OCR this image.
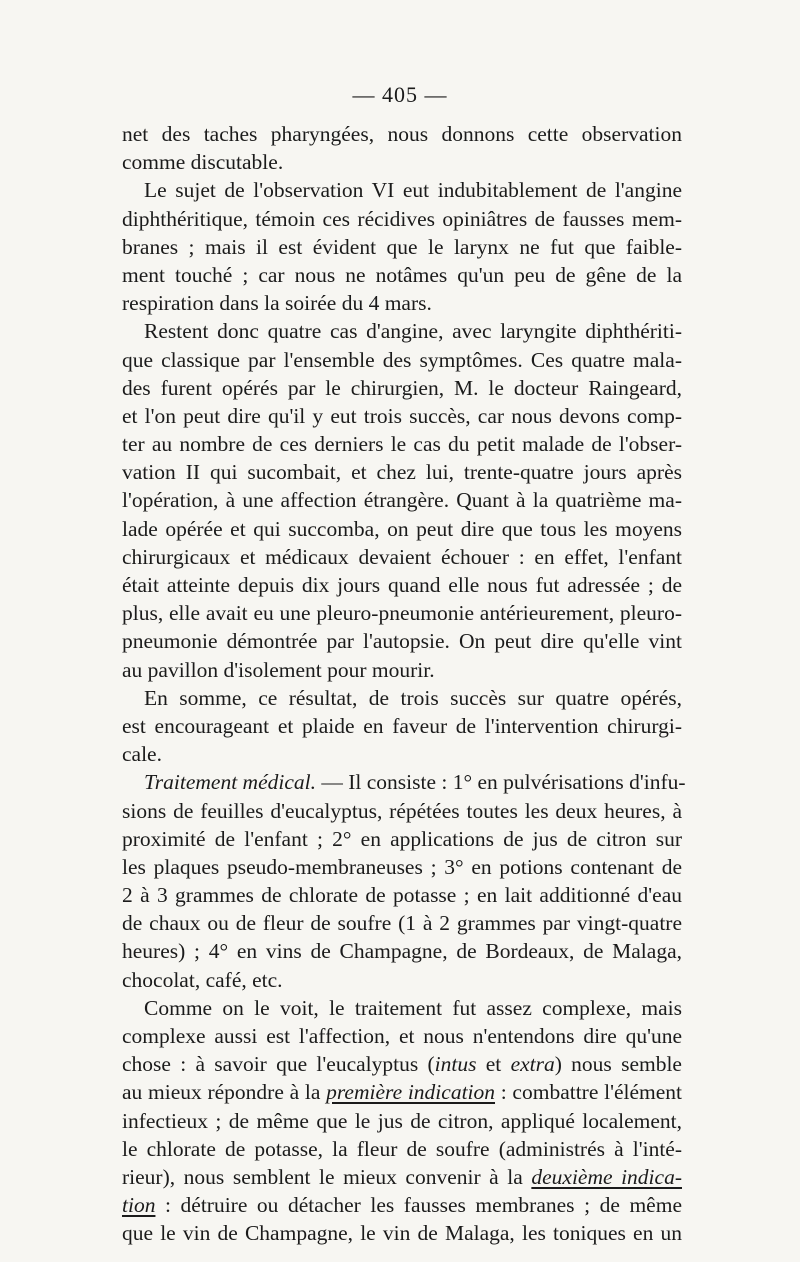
— 405 —
net des taches pharyngées, nous donnons cette observation
comme discutable.
Le sujet de l'observation VI eut indubitablement de l'angine
diphthéritique, témoin ces récidives opiniâtres de fausses mem-
branes ; mais il est évident que le larynx ne fut que faible-
ment touché ; car nous ne notâmes qu'un peu de gêne de la
respiration dans la soirée du 4 mars.
Restent donc quatre cas d'angine, avec laryngite diphthériti-
que classique par l'ensemble des symptômes. Ces quatre mala-
des furent opérés par le chirurgien, M. le docteur Raingeard,
et l'on peut dire qu'il y eut trois succès, car nous devons comp-
ter au nombre de ces derniers le cas du petit malade de l'obser-
vation II qui sucombait, et chez lui, trente-quatre jours après
l'opération, à une affection étrangère. Quant à la quatrième ma-
lade opérée et qui succomba, on peut dire que tous les moyens
chirurgicaux et médicaux devaient échouer : en effet, l'enfant
était atteinte depuis dix jours quand elle nous fut adressée ; de
plus, elle avait eu une pleuro-pneumonie antérieurement, pleuro-
pneumonie démontrée par l'autopsie. On peut dire qu'elle vint
au pavillon d'isolement pour mourir.
En somme, ce résultat, de trois succès sur quatre opérés,
est encourageant et plaide en faveur de l'intervention chirurgi-
cale.
Traitement médical. — Il consiste : 1° en pulvérisations d'infu-
sions de feuilles d'eucalyptus, répétées toutes les deux heures, à
proximité de l'enfant ; 2° en applications de jus de citron sur
les plaques pseudo-membraneuses ; 3° en potions contenant de
2 à 3 grammes de chlorate de potasse ; en lait additionné d'eau
de chaux ou de fleur de soufre (1 à 2 grammes par vingt-quatre
heures) ; 4° en vins de Champagne, de Bordeaux, de Malaga,
chocolat, café, etc.
Comme on le voit, le traitement fut assez complexe, mais
complexe aussi est l'affection, et nous n'entendons dire qu'une
chose : à savoir que l'eucalyptus (intus et extra) nous semble
au mieux répondre à la première indication : combattre l'élément
infectieux ; de même que le jus de citron, appliqué localement,
le chlorate de potasse, la fleur de soufre (administrés à l'inté-
rieur), nous semblent le mieux convenir à la deuxième indica-
tion : détruire ou détacher les fausses membranes ; de même
que le vin de Champagne, le vin de Malaga, les toniques en un
